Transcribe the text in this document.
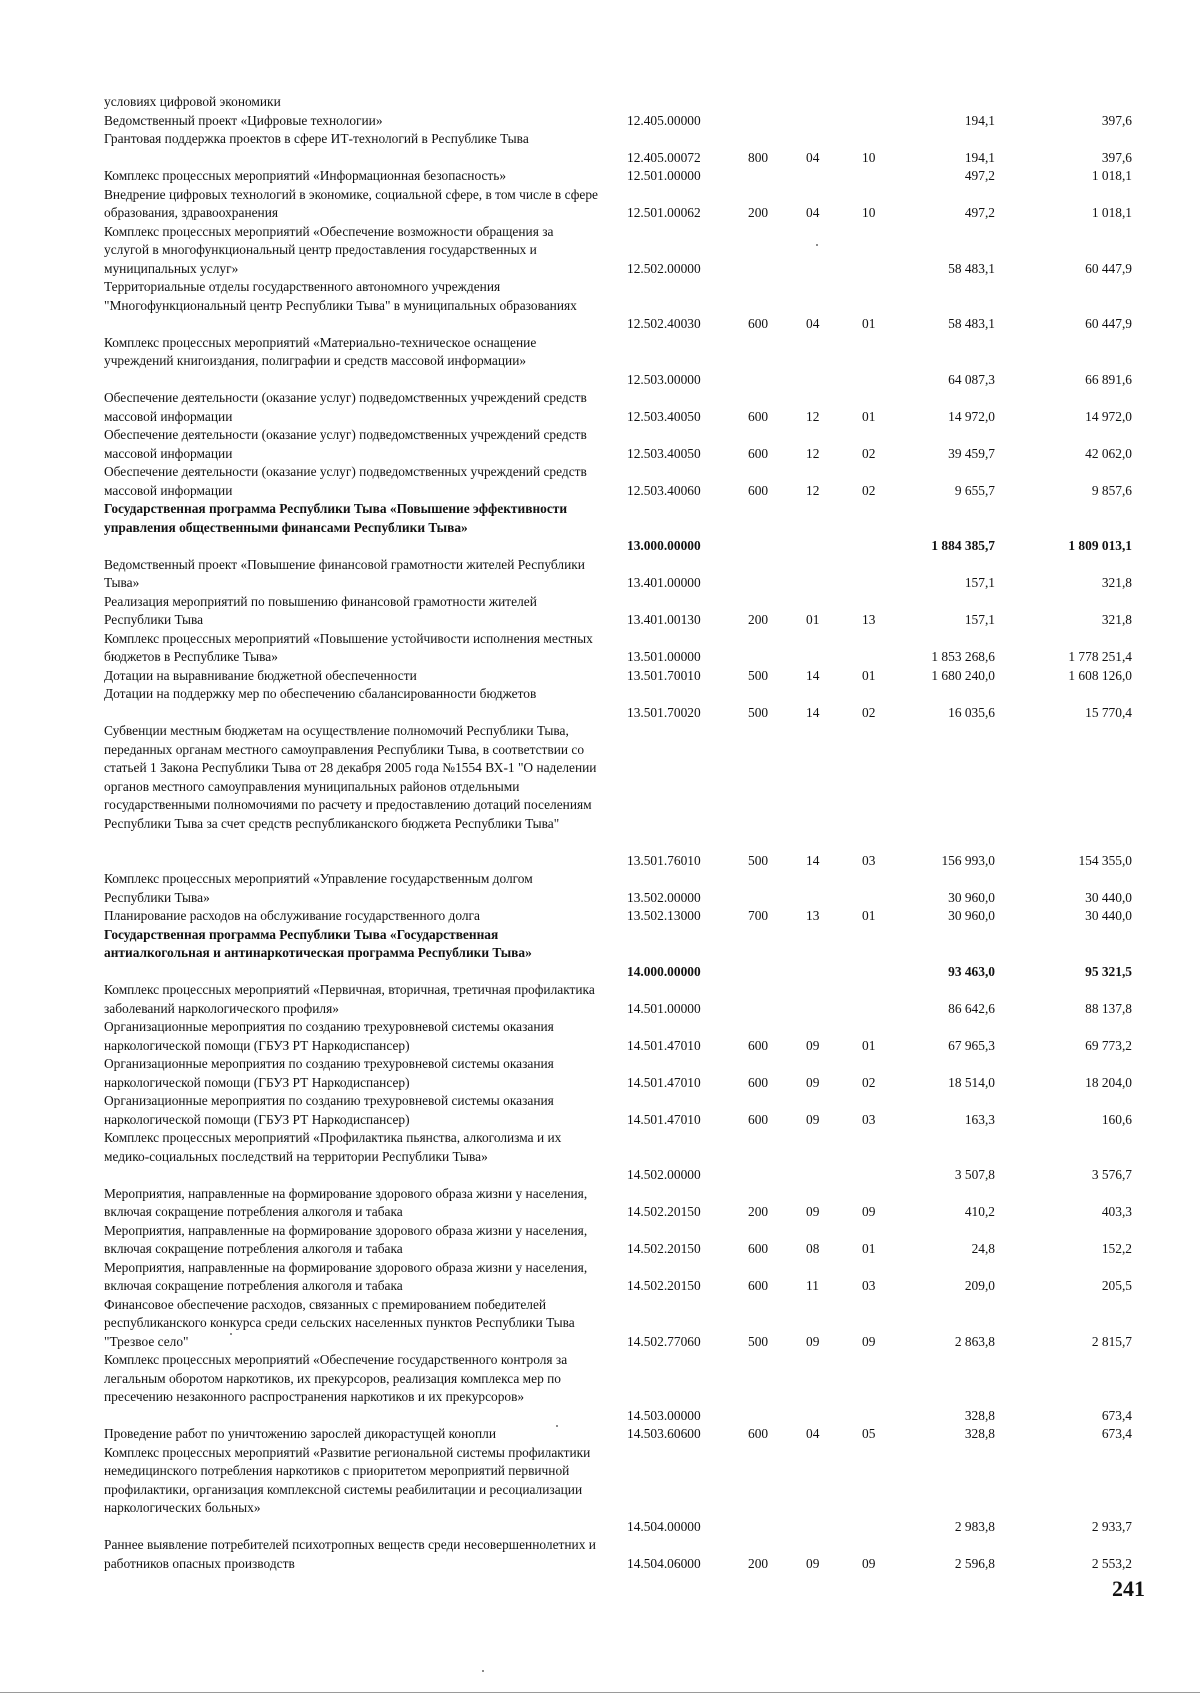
условиях цифровой экономики
Ведомственный проект «Цифровые технологии»	12.405.00000	194,1	397,6
Грантовая поддержка проектов в сфере ИТ-технологий в Республике Тыва
12.405.00072	800	04	10	194,1	397,6
Комплекс процессных мероприятий «Информационная безопасность»	12.501.00000	497,2	1 018,1
Внедрение цифровых технологий в экономике, социальной сфере, в том числе в сфере образования, здравоохранения	12.501.00062	200	04	10	497,2	1 018,1
Комплекс процессных мероприятий «Обеспечение возможности обращения за услугой в многофункциональный центр предоставления государственных и муниципальных услуг»	12.502.00000	58 483,1	60 447,9
Территориальные отделы государственного автономного учреждения "Многофункциональный центр Республики Тыва" в муниципальных образованиях
12.502.40030	600	04	01	58 483,1	60 447,9
Комплекс процессных мероприятий «Материально-техническое оснащение учреждений книгоиздания, полиграфии и средств массовой информации»
12.503.00000	64 087,3	66 891,6
Обеспечение деятельности (оказание услуг) подведомственных учреждений средств массовой информации	12.503.40050	600	12	01	14 972,0	14 972,0
Обеспечение деятельности (оказание услуг) подведомственных учреждений средств массовой информации	12.503.40050	600	12	02	39 459,7	42 062,0
Обеспечение деятельности (оказание услуг) подведомственных учреждений средств массовой информации	12.503.40060	600	12	02	9 655,7	9 857,6
Государственная программа Республики Тыва «Повышение эффективности управления общественными финансами Республики Тыва»
13.000.00000	1 884 385,7	1 809 013,1
Ведомственный проект «Повышение финансовой грамотности жителей Республики Тыва»	13.401.00000	157,1	321,8
Реализация мероприятий по повышению финансовой грамотности жителей Республики Тыва	13.401.00130	200	01	13	157,1	321,8
Комплекс процессных мероприятий «Повышение устойчивости исполнения местных бюджетов в Республике Тыва»	13.501.00000	1 853 268,6	1 778 251,4
Дотации на выравнивание бюджетной обеспеченности	13.501.70010	500	14	01	1 680 240,0	1 608 126,0
Дотации на поддержку мер по обеспечению сбалансированности бюджетов
13.501.70020	500	14	02	16 035,6	15 770,4
Субвенции местным бюджетам на осуществление полномочий Республики Тыва, переданных органам местного самоуправления Республики Тыва, в соответствии со статьей 1 Закона Республики Тыва от 28 декабря 2005 года №1554 ВХ-1 "О наделении органов местного самоуправления муниципальных районов отдельными государственными полномочиями по расчету и предоставлению дотаций поселениям Республики Тыва за счет средств республиканского бюджета Республики Тыва"
13.501.76010	500	14	03	156 993,0	154 355,0
Комплекс процессных мероприятий «Управление государственным долгом Республики Тыва»	13.502.00000	30 960,0	30 440,0
Планирование расходов на обслуживание государственного долга	13.502.13000	700	13	01	30 960,0	30 440,0
Государственная программа Республики Тыва «Государственная антиалкогольная и антинаркотическая программа Республики Тыва»
14.000.00000	93 463,0	95 321,5
Комплекс процессных мероприятий «Первичная, вторичная, третичная профилактика заболеваний наркологического профиля»	14.501.00000	86 642,6	88 137,8
Организационные мероприятия по созданию трехуровневой системы оказания наркологической помощи (ГБУЗ РТ Наркодиспансер)	14.501.47010	600	09	01	67 965,3	69 773,2
Организационные мероприятия по созданию трехуровневой системы оказания наркологической помощи (ГБУЗ РТ Наркодиспансер)	14.501.47010	600	09	02	18 514,0	18 204,0
Организационные мероприятия по созданию трехуровневой системы оказания наркологической помощи (ГБУЗ РТ Наркодиспансер)	14.501.47010	600	09	03	163,3	160,6
Комплекс процессных мероприятий «Профилактика пьянства, алкоголизма и их медико-социальных последствий на территории Республики Тыва»
14.502.00000	3 507,8	3 576,7
Мероприятия, направленные на формирование здорового образа жизни у населения, включая сокращение потребления алкоголя и табака	14.502.20150	200	09	09	410,2	403,3
Мероприятия, направленные на формирование здорового образа жизни у населения, включая сокращение потребления алкоголя и табака	14.502.20150	600	08	01	24,8	152,2
Мероприятия, направленные на формирование здорового образа жизни у населения, включая сокращение потребления алкоголя и табака	14.502.20150	600	11	03	209,0	205,5
Финансовое обеспечение расходов, связанных с премированием победителей республиканского конкурса среди сельских населенных пунктов Республики Тыва "Трезвое село"	14.502.77060	500	09	09	2 863,8	2 815,7
Комплекс процессных мероприятий «Обеспечение государственного контроля за легальным оборотом наркотиков, их прекурсоров, реализация комплекса мер по пресечению незаконного распространения наркотиков и их прекурсоров»
14.503.00000	328,8	673,4
Проведение работ по уничтожению зарослей дикорастущей конопли	14.503.60600	600	04	05	328,8	673,4
Комплекс процессных мероприятий «Развитие региональной системы профилактики немедицинского потребления наркотиков с приоритетом мероприятий первичной профилактики, организация комплексной системы реабилитации и ресоциализации наркологических больных»
14.504.00000	2 983,8	2 933,7
Раннее выявление потребителей психотропных веществ среди несовершеннолетних и работников опасных производств	14.504.06000	200	09	09	2 596,8	2 553,2
241
